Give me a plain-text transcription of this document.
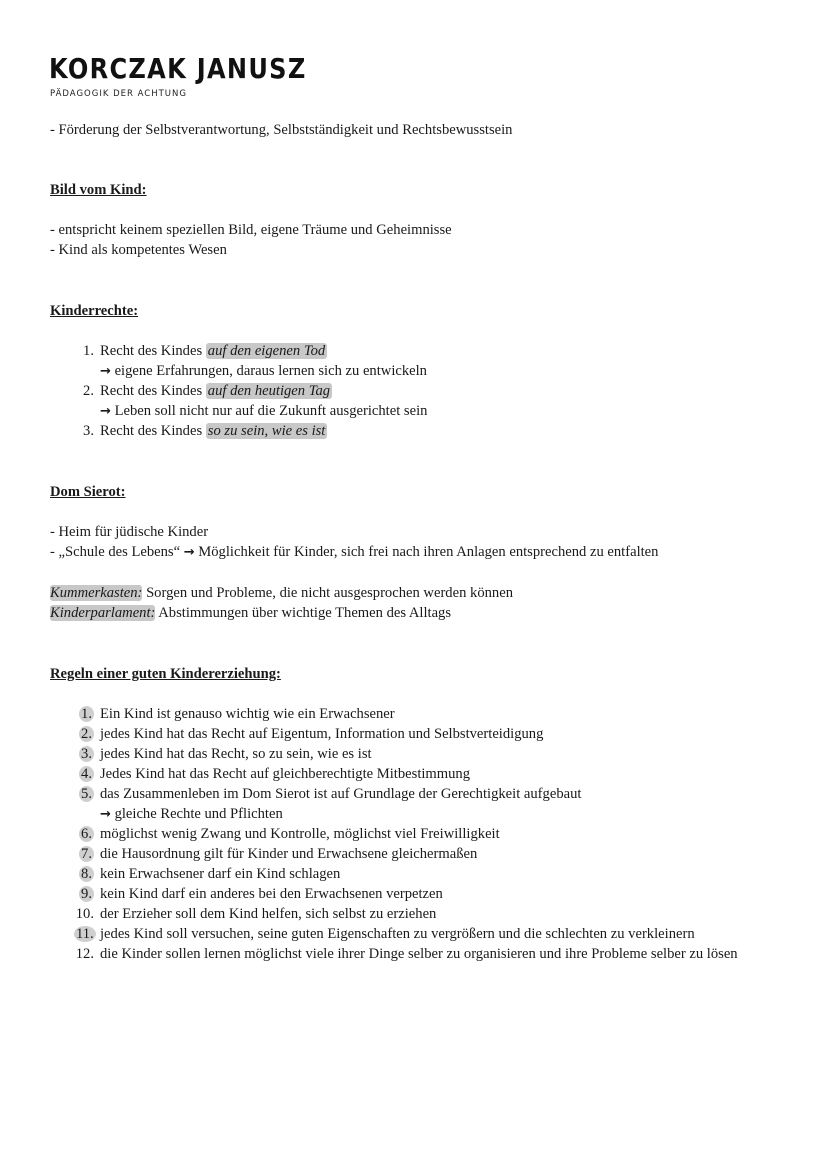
KORCZAK JANUSZ
PÄDAGOGIK DER ACHTUNG
- Förderung der Selbstverantwortung, Selbstständigkeit und Rechtsbewusstsein
Bild vom Kind:
- entspricht keinem speziellen Bild, eigene Träume und Geheimnisse
- Kind als kompetentes Wesen
Kinderrechte:
1. Recht des Kindes auf den eigenen Tod
→ eigene Erfahrungen, daraus lernen sich zu entwickeln
2. Recht des Kindes auf den heutigen Tag
→ Leben soll nicht nur auf die Zukunft ausgerichtet sein
3. Recht des Kindes so zu sein, wie es ist
Dom Sierot:
- Heim für jüdische Kinder
- „Schule des Lebens“ → Möglichkeit für Kinder, sich frei nach ihren Anlagen entsprechend zu entfalten
Kummerkasten: Sorgen und Probleme, die nicht ausgesprochen werden können
Kinderparlament: Abstimmungen über wichtige Themen des Alltags
Regeln einer guten Kindererziehung:
1. Ein Kind ist genauso wichtig wie ein Erwachsener
2. jedes Kind hat das Recht auf Eigentum, Information und Selbstverteidigung
3. jedes Kind hat das Recht, so zu sein, wie es ist
4. Jedes Kind hat das Recht auf gleichberechtigte Mitbestimmung
5. das Zusammenleben im Dom Sierot ist auf Grundlage der Gerechtigkeit aufgebaut
→ gleiche Rechte und Pflichten
6. möglichst wenig Zwang und Kontrolle, möglichst viel Freiwilligkeit
7. die Hausordnung gilt für Kinder und Erwachsene gleichermaßen
8. kein Erwachsener darf ein Kind schlagen
9. kein Kind darf ein anderes bei den Erwachsenen verpetzen
10. der Erzieher soll dem Kind helfen, sich selbst zu erziehen
11. jedes Kind soll versuchen, seine guten Eigenschaften zu vergrößern und die schlechten zu verkleinern
12. die Kinder sollen lernen möglichst viele ihrer Dinge selber zu organisieren und ihre Probleme selber zu lösen
